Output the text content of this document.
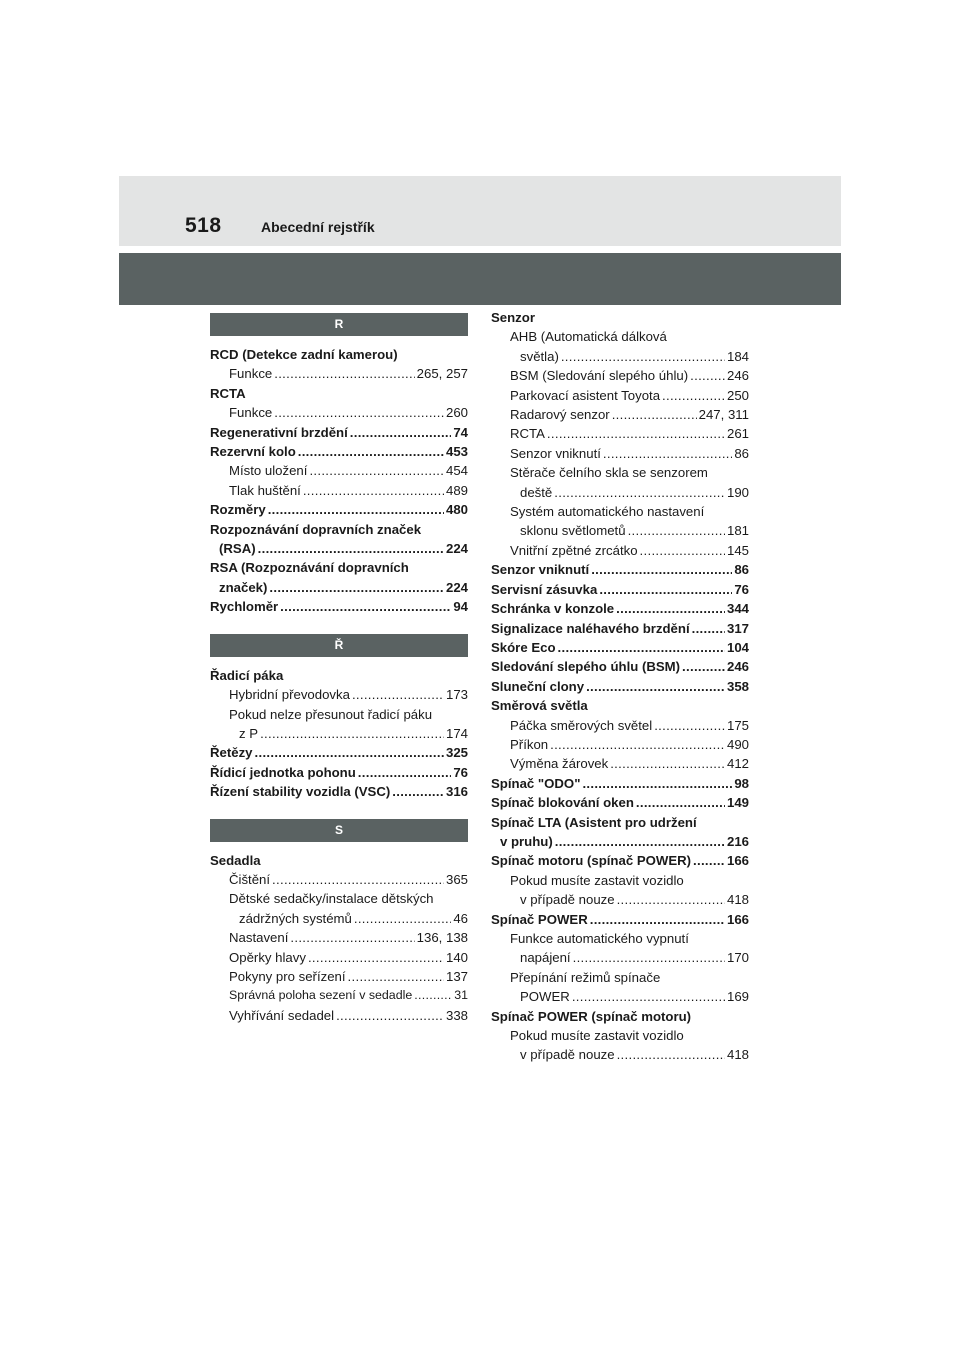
518	Abecední rejstřík
R
RCD (Detekce zadní kamerou)
Funkce .....	265, 257
RCTA
Funkce .....	260
Regenerativní brzdění .....	74
Rezervní kolo .....	453
Místo uložení .....	454
Tlak huštění .....	489
Rozměry .....	480
Rozpoznávání dopravních značek
(RSA) .....	224
RSA (Rozpoznávání dopravních
značek) .....	224
Rychloměr .....	94
Ř
Řadicí páka
Hybridní převodovka .....	173
Pokud nelze přesunout řadicí páku
z P .....	174
Řetězy .....	325
Řídicí jednotka pohonu .....	76
Řízení stability vozidla (VSC) .....	316
S
Sedadla
Čištění .....	365
Dětské sedačky/instalace dětských
zádržných systémů .....	46
Nastavení .....	136, 138
Opěrky hlavy .....	140
Pokyny pro seřízení .....	137
Správná poloha sezení v sedadle .....	31
Vyhřívání sedadel .....	338
Senzor
AHB (Automatická dálková
světla) .....	184
BSM (Sledování slepého úhlu) .....	246
Parkovací asistent Toyota .....	250
Radarový senzor .....	247, 311
RCTA .....	261
Senzor vniknutí .....	86
Stěrače čelního skla se senzorem
deště .....	190
Systém automatického nastavení
sklonu světlometů .....	181
Vnitřní zpětné zrcátko .....	145
Senzor vniknutí .....	86
Servisní zásuvka .....	76
Schránka v konzole .....	344
Signalizace naléhavého brzdění .....	317
Skóre Eco .....	104
Sledování slepého úhlu (BSM) .....	246
Sluneční clony .....	358
Směrová světla
Páčka směrových světel .....	175
Příkon .....	490
Výměna žárovek .....	412
Spínač "ODO" .....	98
Spínač blokování oken .....	149
Spínač LTA (Asistent pro udržení
v pruhu) .....	216
Spínač motoru (spínač POWER) .....	166
Pokud musíte zastavit vozidlo
v případě nouze .....	418
Spínač POWER .....	166
Funkce automatického vypnutí
napájení .....	170
Přepínání režimů spínače
POWER .....	169
Spínač POWER (spínač motoru)
Pokud musíte zastavit vozidlo
v případě nouze .....	418
